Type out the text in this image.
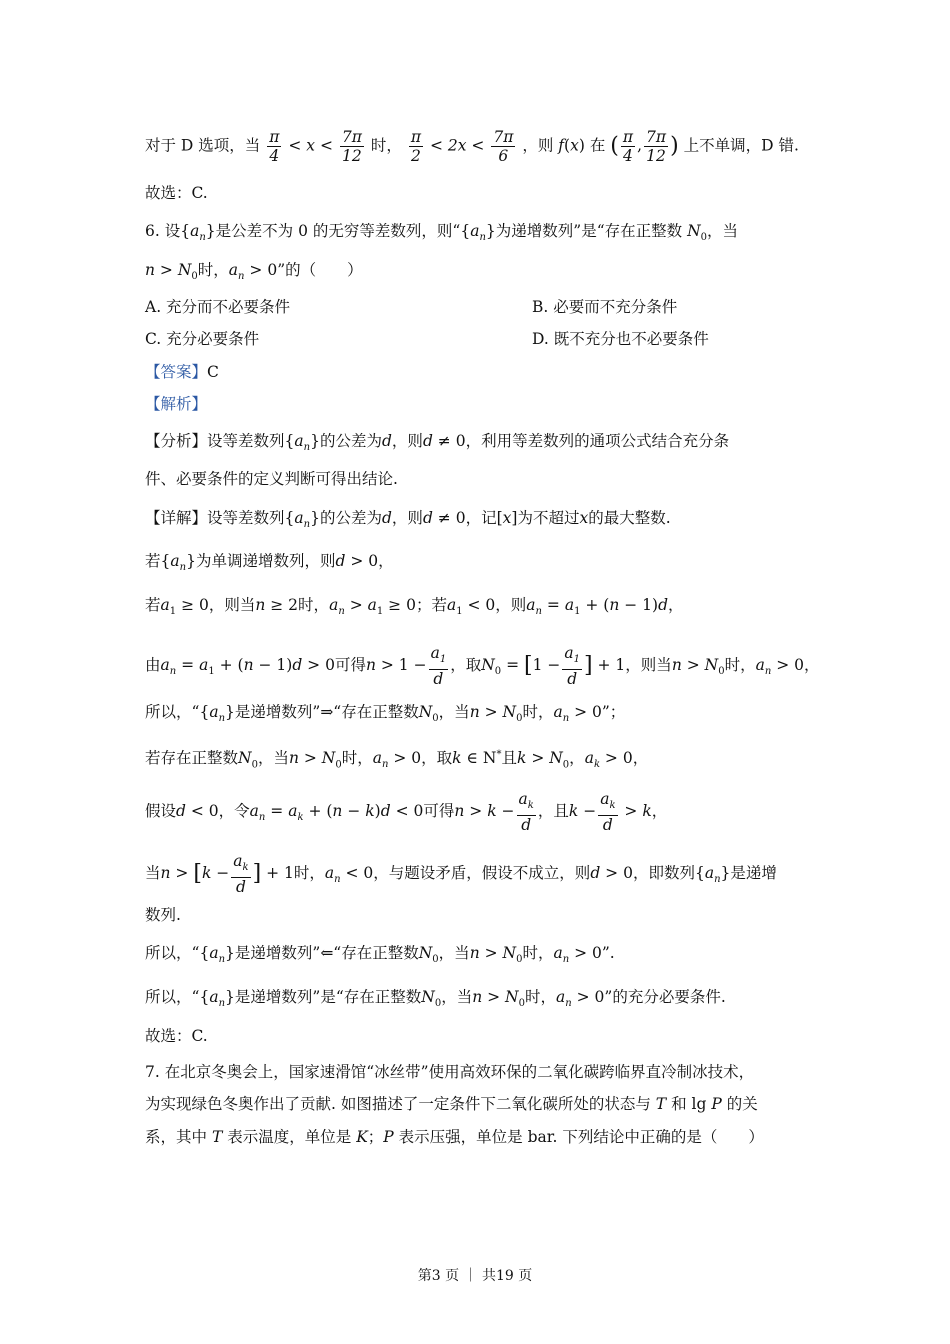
对于 D 选项，当 $\frac{\pi}{4} < x < \frac{7\pi}{12}$ 时， $\frac{\pi}{2} < 2x < \frac{7\pi}{6}$ ，则 f(x) 在 ( $\frac{\pi}{4}$ , $\frac{7\pi}{12}$ ) 上不单调，D 错.
故选：C.
6. 设$\{a_n\}$是公差不为 0 的无穷等差数列，则“$\{a_n\}$为递增数列”是“存在正整数 $N_0$，当
$n > N_0$时，$a_n > 0$”的（　　）
A. 充分而不必要条件	B. 必要而不充分条件
C. 充分必要条件	D. 既不充分也不必要条件
【答案】C
【解析】
【分析】设等差数列$\{a_n\}$的公差为d，则d ≠ 0，利用等差数列的通项公式结合充分条
件、必要条件的定义判断可得出结论.
【详解】设等差数列$\{a_n\}$的公差为d，则d ≠ 0，记[x]为不超过x的最大整数.
若$\{a_n\}$为单调递增数列，则d > 0，
若$a_1 \ge 0$，则当n ≥ 2时，$a_n > a_1 \ge 0$；若$a_1 < 0$，则$a_n = a_1 + (n - 1)d$，
由$a_n = a_1 + (n - 1)d > 0$可得$n > 1 - \frac{a_1}{d}$ ，取$N_0 = [1 - \frac{a_1}{d}$ ] + 1，则当$n > N_0$时，$a_n > 0$，
所以，“$\{a_n\}$是递增数列”⇒“存在正整数$N_0$，当$n > N_0$时，$a_n > 0$”；
若存在正整数$N_0$，当$n > N_0$时，$a_n > 0$，取k ∈ N*且$k > N_0$，$a_k > 0$，
假设d < 0，令$a_n = a_k + (n - k)d < 0$可得$n > k - \frac{a_k}{d}$ ，且$k - \frac{a_k}{d} > k$，
当$n > [k - \frac{a_k}{d}$ ] + 1时，$a_n < 0$，与题设矛盾，假设不成立，则d > 0，即数列$\{a_n\}$是递增
数列.
所以，“$\{a_n\}$是递增数列”⇐“存在正整数$N_0$，当$n > N_0$时，$a_n > 0$”.
所以，“$\{a_n\}$是递增数列”是“存在正整数$N_0$，当$n > N_0$时，$a_n > 0$”的充分必要条件.
故选：C.
7. 在北京冬奥会上，国家速滑馆“冰丝带”使用高效环保的二氧化碳跨临界直冷制冰技术，
为实现绿色冬奥作出了贡献. 如图描述了一定条件下二氧化碳所处的状态与 T 和 lg P 的关
系，其中 T 表示温度，单位是 K；P 表示压强，单位是 bar. 下列结论中正确的是（　　）
第3 页 ｜ 共19 页
